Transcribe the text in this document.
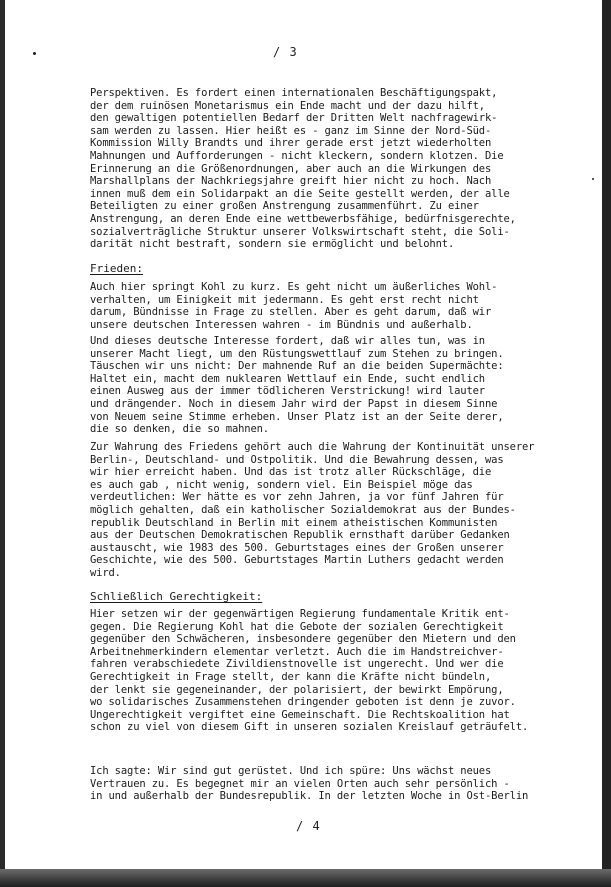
/ 3
Perspektiven. Es fordert einen internationalen Beschäftigungspakt,
der dem ruinösen Monetarismus ein Ende macht und der dazu hilft,
den gewaltigen potentiellen Bedarf der Dritten Welt nachfragewirk-
sam werden zu lassen. Hier heißt es - ganz im Sinne der Nord-Süd-
Kommission Willy Brandts und ihrer gerade erst jetzt wiederholten
Mahnungen und Aufforderungen - nicht kleckern, sondern klotzen. Die
Erinnerung an die Größenordnungen, aber auch an die Wirkungen des
Marshallplans der Nachkriegsjahre greift hier nicht zu hoch. Nach
innen muß dem ein Solidarpakt an die Seite gestellt werden, der alle
Beteiligten zu einer großen Anstrengung zusammenführt. Zu einer
Anstrengung, an deren Ende eine wettbewerbsfähige, bedürfnisgerechte,
sozialverträgliche Struktur unserer Volkswirtschaft steht, die Soli-
darität nicht bestraft, sondern sie ermöglicht und belohnt.
Frieden:
Auch hier springt Kohl zu kurz. Es geht nicht um äußerliches Wohl-
verhalten, um Einigkeit mit jedermann. Es geht erst recht nicht
darum, Bündnisse in Frage zu stellen. Aber es geht darum, daß wir
unsere deutschen Interessen wahren - im Bündnis und außerhalb.
Und dieses deutsche Interesse fordert, daß wir alles tun, was in
unserer Macht liegt, um den Rüstungswettlauf zum Stehen zu bringen.
Täuschen wir uns nicht: Der mahnende Ruf an die beiden Supermächte:
Haltet ein, macht dem nuklearen Wettlauf ein Ende, sucht endlich
einen Ausweg aus der immer tödlicheren Verstrickung! wird lauter
und drängender. Noch in diesem Jahr wird der Papst in diesem Sinne
von Neuem seine Stimme erheben. Unser Platz ist an der Seite derer,
die so denken, die so mahnen.
Zur Wahrung des Friedens gehört auch die Wahrung der Kontinuität unserer
Berlin-, Deutschland- und Ostpolitik. Und die Bewahrung dessen, was
wir hier erreicht haben. Und das ist trotz aller Rückschläge, die
es auch gab , nicht wenig, sondern viel. Ein Beispiel möge das
verdeutlichen: Wer hätte es vor zehn Jahren, ja vor fünf Jahren für
möglich gehalten, daß ein katholischer Sozialdemokrat aus der Bundes-
republik Deutschland in Berlin mit einem atheistischen Kommunisten
aus der Deutschen Demokratischen Republik ernsthaft darüber Gedanken
austauscht, wie 1983 des 500. Geburtstages eines der Großen unserer
Geschichte, wie des 500. Geburtstages Martin Luthers gedacht werden
wird.
Schließlich Gerechtigkeit:
Hier setzen wir der gegenwärtigen Regierung fundamentale Kritik ent-
gegen. Die Regierung Kohl hat die Gebote der sozialen Gerechtigkeit
gegenüber den Schwächeren, insbesondere gegenüber den Mietern und den
Arbeitnehmerkindern elementar verletzt. Auch die im Handstreichver-
fahren verabschiedete Zivildienstnovelle ist ungerecht. Und wer die
Gerechtigkeit in Frage stellt, der kann die Kräfte nicht bündeln,
der lenkt sie gegeneinander, der polarisiert, der bewirkt Empörung,
wo solidarisches Zusammenstehen dringender geboten ist denn je zuvor.
Ungerechtigkeit vergiftet eine Gemeinschaft. Die Rechtskoalition hat
schon zu viel von diesem Gift in unseren sozialen Kreislauf geträufelt.
Ich sagte: Wir sind gut gerüstet. Und ich spüre: Uns wächst neues
Vertrauen zu. Es begegnet mir an vielen Orten auch sehr persönlich -
in und außerhalb der Bundesrepublik. In der letzten Woche in Ost-Berlin
/ 4
